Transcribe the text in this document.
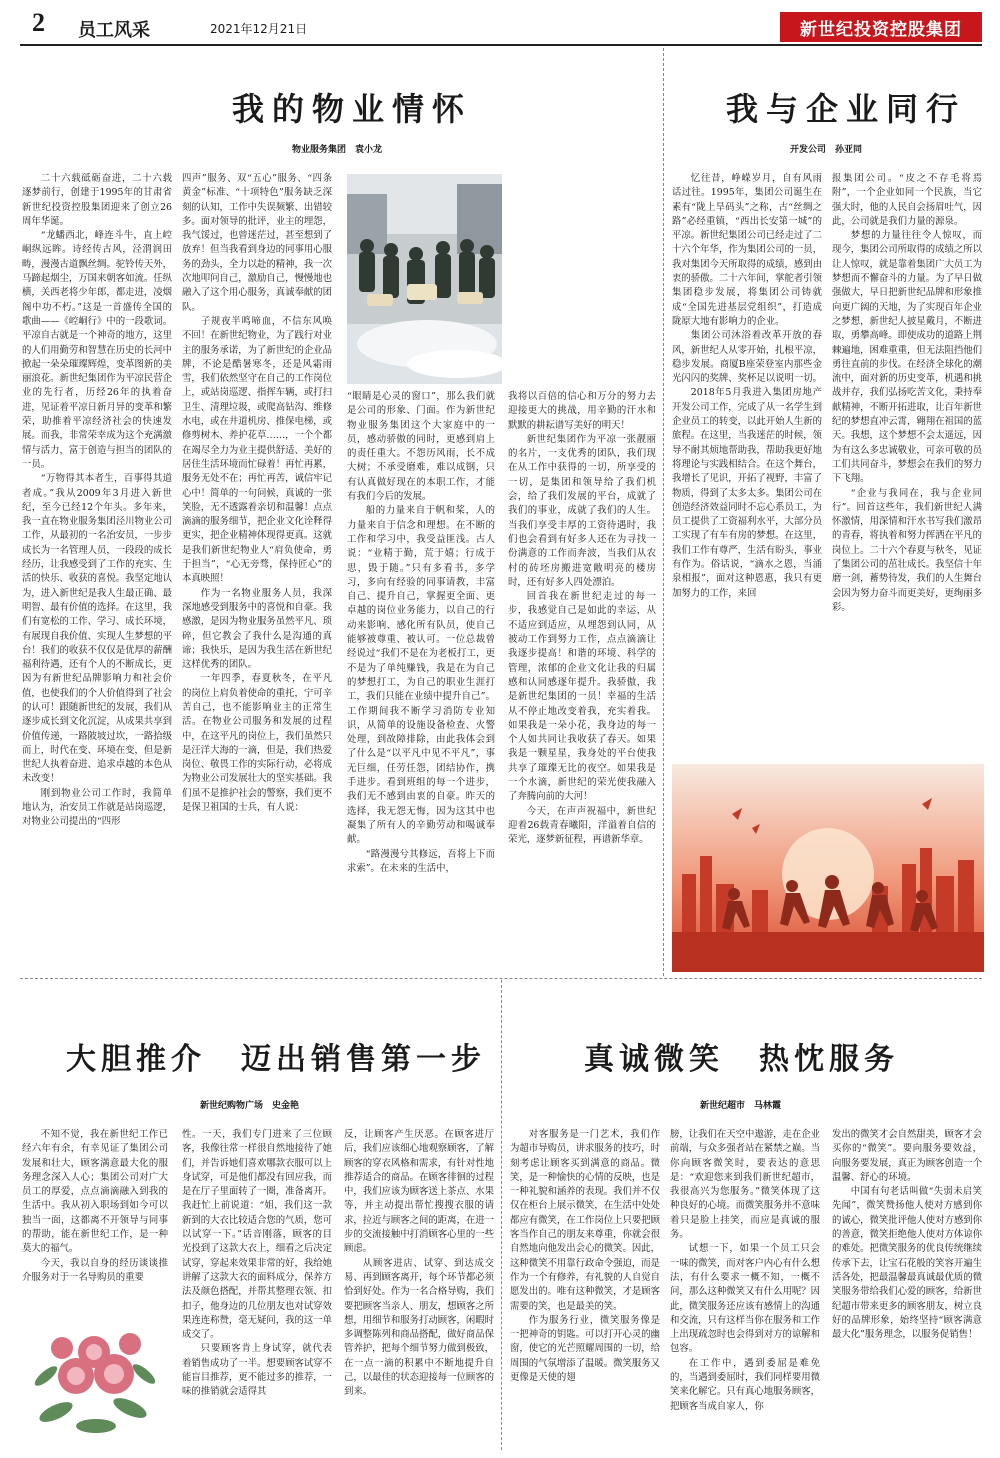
2 员工风采	2021年12月21日	新世纪投资控股集团
我的物业情怀
物业服务集团　袁小龙

二十六载砥砺奋进，二十六载逐梦前行，创建于1995年的甘肃省新世纪投资控股集团迎来了创立26周年华诞。

“龙蟠西北，峰连斗牛，直上崆峒纵远眸。诗经传古风，泾渭润田畴，漫漫古道飘丝绸。驼铃传天外，马蹄起烟尘，万国来朝客如流。任纵横，关西老将少年郎，都走进，凌烟阁中功不朽。”这是一首盛传全国的歌曲——《崆峒行》中的一段歌词。平凉自古就是一个神奇的地方，这里的人们用勤劳和智慧在历史的长河中掀起一朵朵璀璨辉煌，变革图新的美丽浪花。新世纪集团作为平凉民营企业的先行者，历经26年的执着奋进，见证着平凉日新月异的变革和繁荣，助推着平凉经济社会的快速发展。而我，非常荣幸成为这个充满激情与活力，富于创造与担当的团队的一员。

“万物得其本者生，百事得其道者成。”我从2009年3月进入新世纪，至今已经12个年头。多年来，我一直在物业服务集团泾川物业公司工作，从最初的一名治安员，一步步成长为一名管理人员，一段段的成长经历，让我感受到了工作的充实、生活的快乐、收获的喜悦。我坚定地认为，进入新世纪是我人生最正确、最明智、最有价值的选择。在这里，我们有宽松的工作、学习、成长环境，有展现自我价值、实现人生梦想的平台！我们的收获不仅仅是优厚的薪酬福利待遇，还有个人的不断成长，更因为有新世纪品牌影响力和社会价值，也使我们的个人价值得到了社会的认可！跟随新世纪的发展，我们从逐步成长到文化沉淀，从成果共享到价值传递，一路陂坡过坎，一路拾级而上，时代在变、环境在变，但是新世纪人执着奋进、追求卓越的本色从未改变！

刚到物业公司工作时，我简单地认为，治安员工作就是站岗巡逻，对物业公司提出的“四形

四声”服务、双“五心”服务、“四条黄金”标准、“十项特色”服务缺乏深刻的认知，工作中失误频繁、出错较多。面对领导的批评，业主的埋怨，我气馁过，也曾迷茫过，甚至想到了放弃！但当我看到身边的同事用心服务的劲头，全力以赴的精神，我一次次地叩问自己，激励自己，慢慢地也融入了这个用心服务，真诚奉献的团队。

子规夜半鸣啼血，不信东风唤不回！在新世纪物业，为了践行对业主的服务承诺，为了新世纪的企业品牌，不论是酷暑寒冬，还是风霜雨雪，我们依然坚守在自己的工作岗位上，或站岗巡逻、指挥车辆，或打扫卫生、清理垃圾，或爬高钻沟、维修水电，或在井道机房、推保电梯，或修剪树木、养护花草……，一个个都在竭尽全力为业主提供舒适、美好的居住生活环境而忙碌着！再忙再累，服务无处不在；再忙再苦，诚信牢记心中！简单的一句问候，真诚的一张笑脸，无不透露着亲切和温馨！点点滴滴的服务细节，把企业文化诠释得更实，把企业精神体现得更真。这就是我们新世纪物业人“肩负使命，勇于担当”，“心无旁骛，保持匠心”的本真映照！

作为一名物业服务人员，我深深地感受到服务中的喜悦和自豪。我感激，是因为物业服务虽然平凡、琐碎，但它教会了我什么是沟通的真谛；我快乐，是因为我生活在新世纪这样优秀的团队。

一年四季，春夏秋冬，在平凡的岗位上肩负着使命的重托，宁可辛苦自己，也不能影响业主的正常生活。在物业公司服务和发展的过程中，在这平凡的岗位上，我们虽然只是汪洋大海的一滴，但是，我们热爱岗位、敬畏工作的实际行动，必将成为物业公司发展壮大的坚实基础。我们虽不是推护社会的警察，我们更不是保卫祖国的士兵，有人说：

“眼睛是心灵的窗口”，那么我们就是公司的形象、门面。作为新世纪物业服务集团这个大家庭中的一员，感动骄傲的同时，更感到肩上的责任重大。不怨历风雨，长不成大树；不承受磨难，难以成钢，只有认真做好现在的本职工作，才能有我们今后的发展。

船的力量来自于帆和桨，人的力量来自于信念和理想。在不断的工作和学习中，我受益匪浅。古人说：“业精于勤，荒于嬉；行成于思，毁于随。”只有多看书，多学习，多向有经验的同事请教，丰富自己、提升自己，掌握更全面、更卓越的岗位业务能力，以自己的行动来影响、感化所有队员，使自己能够被尊重、被认可。一位总裁曾经说过“我们不是在为老板打工，更不是为了单纯赚钱，我是在为自己的梦想打工，为自己的职业生涯打工，我们只能在业绩中提升自己”。工作期间我不断学习消防专业知识，从简单的设施设备检查、火警处理，到故障排除，由此我体会到了什么是“以平凡中见不平凡”，事无巨细，任劳任怨，团结协作，携手进步。看到班组的每一个进步，我们无不感到由衷的自豪。昨天的选择，我无怨无悔，因为这其中也凝集了所有人的辛勤劳动和喝诚奉献。

“路漫漫兮其修远，吾将上下而求索”。在未来的生活中，

我将以百倍的信心和万分的努力去迎接更大的挑战，用辛勤的汗水和默默的耕耘谱写美好的明天！

新世纪集团作为平凉一张靓丽的名片，一支优秀的团队，我们现在从工作中获得的一切，所享受的一切，是集团和领导给了我们机会，给了我们发展的平台，成就了我们的事业，成就了我们的人生。当我们享受丰厚的工资待遇时，我们也会看到有好多人还在为寻找一份满意的工作而奔波，当我们从农村的砖坯房搬进宽敞明亮的楼房时，还有好多人四处漂泊。

回首我在新世纪走过的每一步，我感觉自己是如此的幸运，从不适应到适应，从埋怨到认同，从被动工作到努力工作，点点滴滴让我逐步提高！和谐的环境、科学的管理，浓郁的企业文化让我的归属感和认同感逐年提升。我骄傲，我是新世纪集团的一员！幸福的生活从不停止地改变着我，充实着我。如果我是一朵小花，我身边的每一个人如共同让我收获了春天。如果我是一颗星星，我身处的平台使我共享了璀璨无比的夜空。如果我是一个水滴，新世纪的荣光使我融入了奔腾向前的大河！

今天，在声声祝福中，新世纪迎着26载青春曦阳，洋溢着自信的荣光，逐梦新征程，再谱新华章。

我与企业同行
开发公司　孙亚同

忆往昔，峥嵘岁月，自有风雨话过往。1995年，集团公司诞生在素有“陇上旱码头”之称，古“丝绸之路”必经重镇，“西出长安第一城”的平凉。新世纪集团公司已经走过了二十六个年华，作为集团公司的一员，我对集团今天所取得的成绩，感到由衷的骄傲。二十六年间，掌舵者引领集团稳步发展，将集团公司铸就成“全国先进基层党组织”，打造成陇原大地有影响力的企业。

集团公司沐浴着改革开放的春风，新世纪人从零开始，扎根平凉，稳步发展。商厦B座荣登室内那些金光闪闪的奖牌、奖杯足以说明一切。

2018年5月我进入集团房地产开发公司工作，完成了从一名学生到企业员工的转变，以此开始人生新的旅程。在这里，当我迷茫的时候，领导不耐其烦地帮助我，帮助我更好地将理论与实践相结合。在这个舞台，我增长了见识，开拓了视野，丰富了物质，得到了太多太多。集团公司在创造经济效益同时不忘心系员工，为员工提供了工资福利水平，大部分员工实现了有车有房的梦想。在这里，我们工作有尊严，生活有盼头，事业有作为。俗话说，“滴水之恩，当涌泉相报”，面对这种恩惠，我只有更加努力的工作，来回

报集团公司。“皮之不存毛将焉附”，一个企业如同一个民族，当它强大时，他的人民自会扬眉吐气，因此，公司就是我们力量的源泉。

梦想的力量往往令人惊叹，而现今，集团公司所取得的成绩之所以让人惊叹，就是靠着集团广大员工为梦想而不懈奋斗的力量。为了早日做强做大，早日把新世纪品牌和形象推向更广阔的天地，为了实现百年企业之梦想，新世纪人披星戴月，不断进取，勇攀高峰。即使成功的道路上荆棘遍地，困难重重，但无法阻挡他们勇往直前的步伐。在经济全球化的潮流中，面对新的历史变革，机遇和挑战并存，我们弘扬吃苦文化，秉持奉献精神，不断开拓进取，让百年新世纪的梦想直冲云霄，翱翔在祖国的蓝天。我想，这个梦想不会太遥远，因为有这么多忠诚敬业，可亲可敬的员工们共同奋斗，梦想会在我们的努力下飞翔。

“企业与我同在，我与企业同行”。回首这些年，我们新世纪人满怀激情，用深情和汗水书写我们激昂的青春，将执着和努力挥洒在平凡的岗位上。二十六个春夏与秋冬，见证了集团公司的茁壮成长。我坚信十年磨一剑，蓄势待发，我们的人生舞台会因为努力奋斗而更美好，更绚丽多彩。

大胆推介　迈出销售第一步
新世纪购物广场　史金艳

不知不觉，我在新世纪工作已经六年有余，有幸见证了集团公司发展和壮大，顾客满意最大化的服务理念深入人心；集团公司对广大员工的厚爱，点点滴滴融入到我的生活中。我从初入职场到如今可以独当一面，这都离不开领导与同事的帮助，能在新世纪工作，是一种莫大的福气。

今天，我以自身的经历谈谈推介服务对于一名导购员的重要

性。一天，我们专门进来了三位顾客，我像往常一样很自然地接待了她们，并告诉她们喜欢哪款衣服可以上身试穿，可是他们都没有回应我，而是在厅子里面转了一圈，准备离开。我赶忙上前说道：“姐，我们这一款新到的大衣比较适合您的气质，您可以试穿一下。”话音刚落，顾客的目光投到了这款大衣上，细看之后决定试穿，穿起来效果非常的好，我给她讲解了这款大衣的面料成分，保养方法及颜色搭配，并帮其整理衣领、扣扣子，他身边的几位朋友也对试穿效果连连称赞，毫无疑问，我的这一单成交了。

只要顾客肯上身试穿，就代表着销售成功了一半。想要顾客试穿不能盲目推荐，更不能过多的推荐，一味的推销就会适得其

反，让顾客产生厌恶。在顾客进厅后，我们应该细心地观察顾客，了解顾客的穿衣风格和需求，有针对性地推荐适合的商品。在顾客徘徊的过程中，我们应该为顾客送上茶点、水果等，并主动提出帮忙搜搜衣服的请求，拉近与顾客之间的距离，在进一步的交流接触中打消顾客心里的一些顾虑。

从顾客进店、试穿、到达成交易、再到顾客离开，每个环节都必须恰到好处。作为一名合格导购，我们要把顾客当亲人、朋友，想顾客之所想，用细节和服务打动顾客，闲暇时多调整陈列和商品搭配，做好商品保管养护，把每个细节努力做到极致，在一点一滴的积累中不断地提升自己，以最佳的状态迎接每一位顾客的到来。

真诚微笑　热忱服务
新世纪超市　马林霞

对客服务是一门艺术，我们作为超市导购员，讲求服务的技巧，时刻考虑让顾客买到满意的商品。微笑，是一种愉快的心情的反映，也是一种礼貌和涵养的表现。我们并不仅仅在柜台上展示微笑，在生活中处处都应有微笑，在工作岗位上只要把顾客当作自己的朋友来尊重，你就会很自然地向他发出会心的微笑。因此，这种微笑不用靠行政命令强迫，而是作为一个有修养，有礼貌的人自觉自愿发出的。唯有这种微笑，才是顾客需要的笑，也是最美的笑。

作为服务行业，微笑服务像是一把神奇的钥匙。可以打开心灵的幽窗，使它的光芒照耀周围的一切，给周围的气氛增添了温暖。微笑服务又更像是天使的翅

膀，让我们在天空中遨游，走在企业前端，与众多强者站在紧禁之巅。当你向顾客微笑时，要表达的意思是：“欢迎您来到我们新世纪超市，我很高兴为您服务。”微笑体现了这种良好的心境。而微笑服务并不意味着只是脸上挂笑，而应是真诚的服务。

试想一下，如果一个员工只会一味的微笑，而对客户内心有什么想法，有什么要求一概不知，一概不问，那么这种微笑又有什么用呢？因此，微笑服务还应该有感情上的沟通和交流，只有这样当你在服务和工作上出现疏忽时也会得到对方的谅解和包容。

在工作中，遇到委屈是难免的，当遇到委屈时，我们同样要用微笑来化解它。只有真心地服务顾客，把顾客当成自家人，你

发出的微笑才会自然甜美，顾客才会买你的“微笑”。要向服务要效益，向服务要发展，真正为顾客创造一个温馨、舒心的环境。

中国有句老话叫做“失弱未启笑先闻”，微笑赞扬他人使对方感到你的诚心，微笑批评他人使对方感到你的善意，微笑拒绝他人使对方体谅你的难处。把微笑服务的优良传统继续传承下去，让宝石花般的笑容开遍生活各处，把最温馨最真诚最优质的微笑服务带给我们心爱的顾客，给新世纪超市带来更多的顾客朋友，树立良好的品牌形象，始终坚持“顾客满意最大化”服务理念，以服务促销售！
